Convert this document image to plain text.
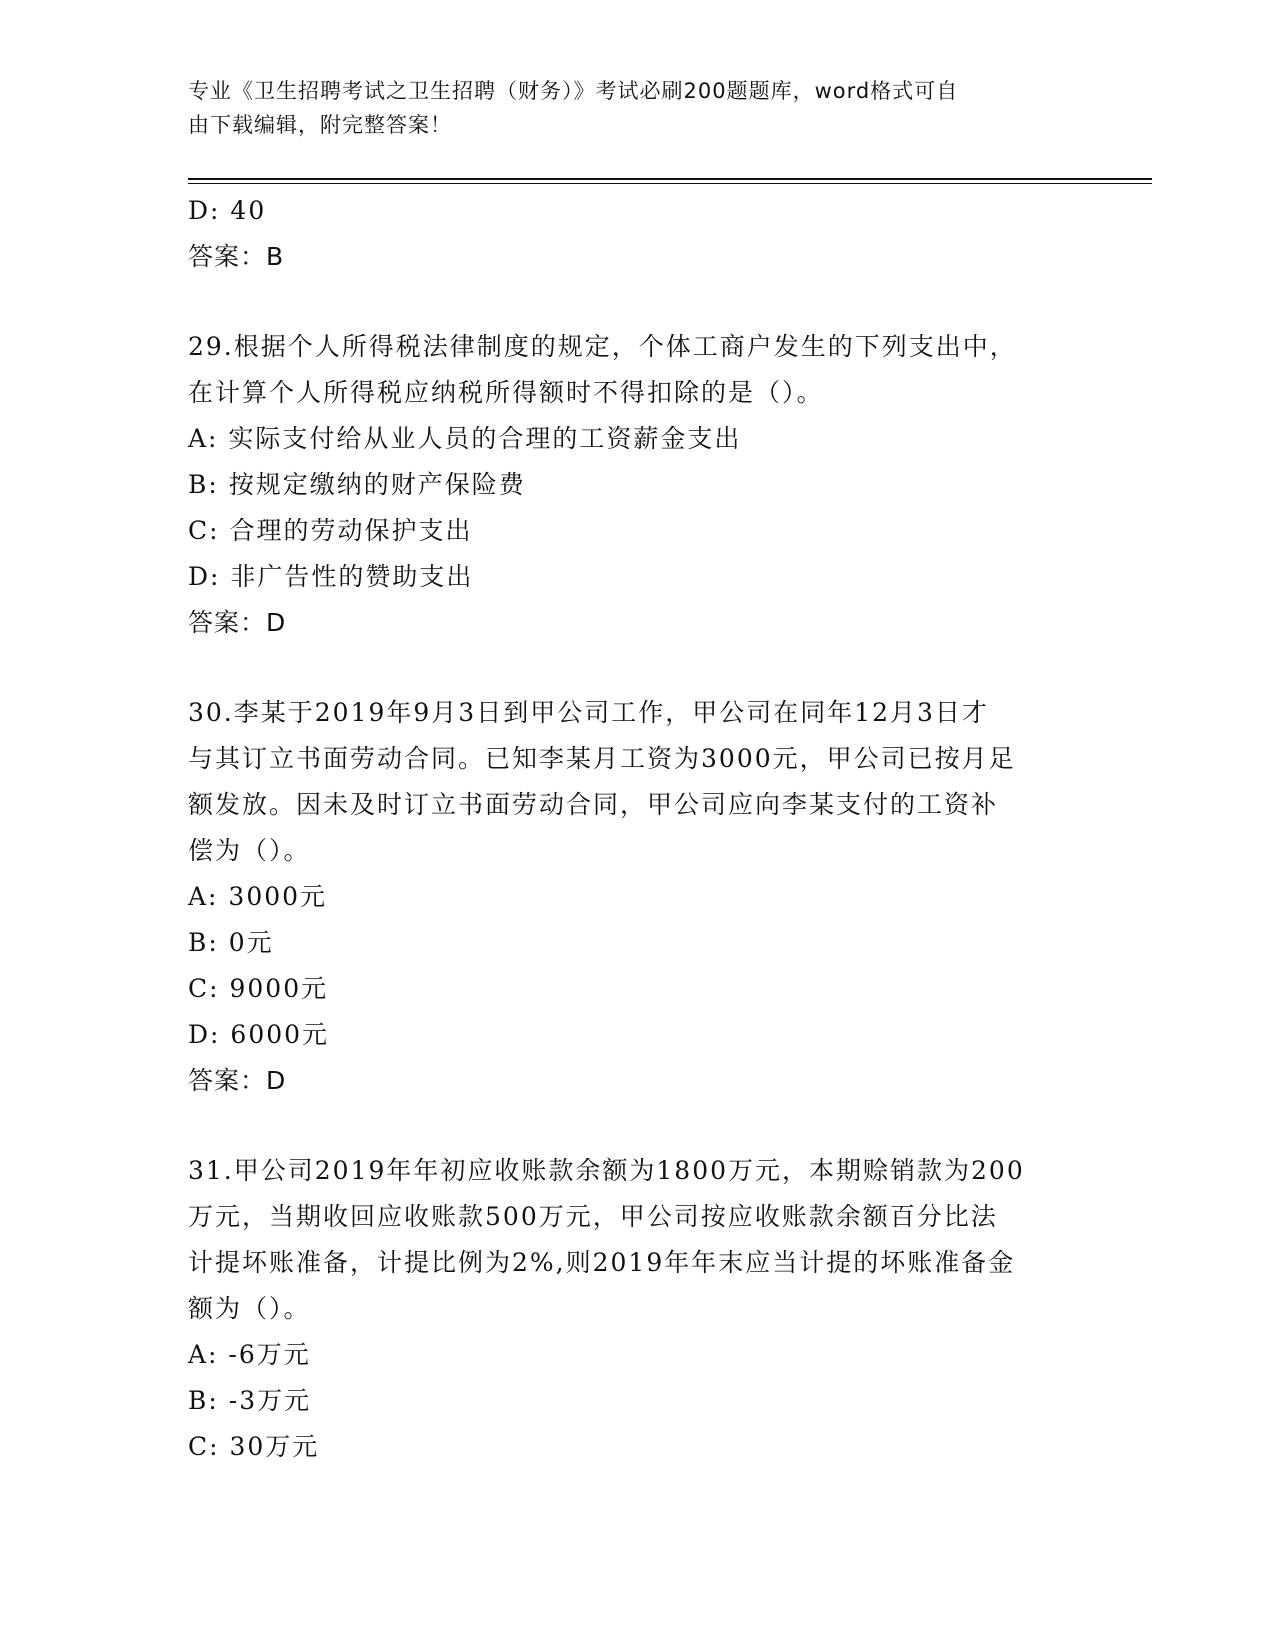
专业《卫生招聘考试之卫生招聘（财务）》考试必刷200题题库，word格式可自
由下载编辑，附完整答案！
D: 40
答案：B
29.根据个人所得税法律制度的规定，个体工商户发生的下列支出中，
在计算个人所得税应纳税所得额时不得扣除的是（）。
A: 实际支付给从业人员的合理的工资薪金支出
B: 按规定缴纳的财产保险费
C: 合理的劳动保护支出
D: 非广告性的赞助支出
答案：D
30.李某于2019年9月3日到甲公司工作，甲公司在同年12月3日才
与其订立书面劳动合同。已知李某月工资为3000元，甲公司已按月足
额发放。因未及时订立书面劳动合同，甲公司应向李某支付的工资补
偿为（）。
A: 3000元
B: 0元
C: 9000元
D: 6000元
答案：D
31.甲公司2019年年初应收账款余额为1800万元，本期赊销款为200
万元，当期收回应收账款500万元，甲公司按应收账款余额百分比法
计提坏账准备，计提比例为2%,则2019年年末应当计提的坏账准备金
额为（）。
A: -6万元
B: -3万元
C: 30万元
